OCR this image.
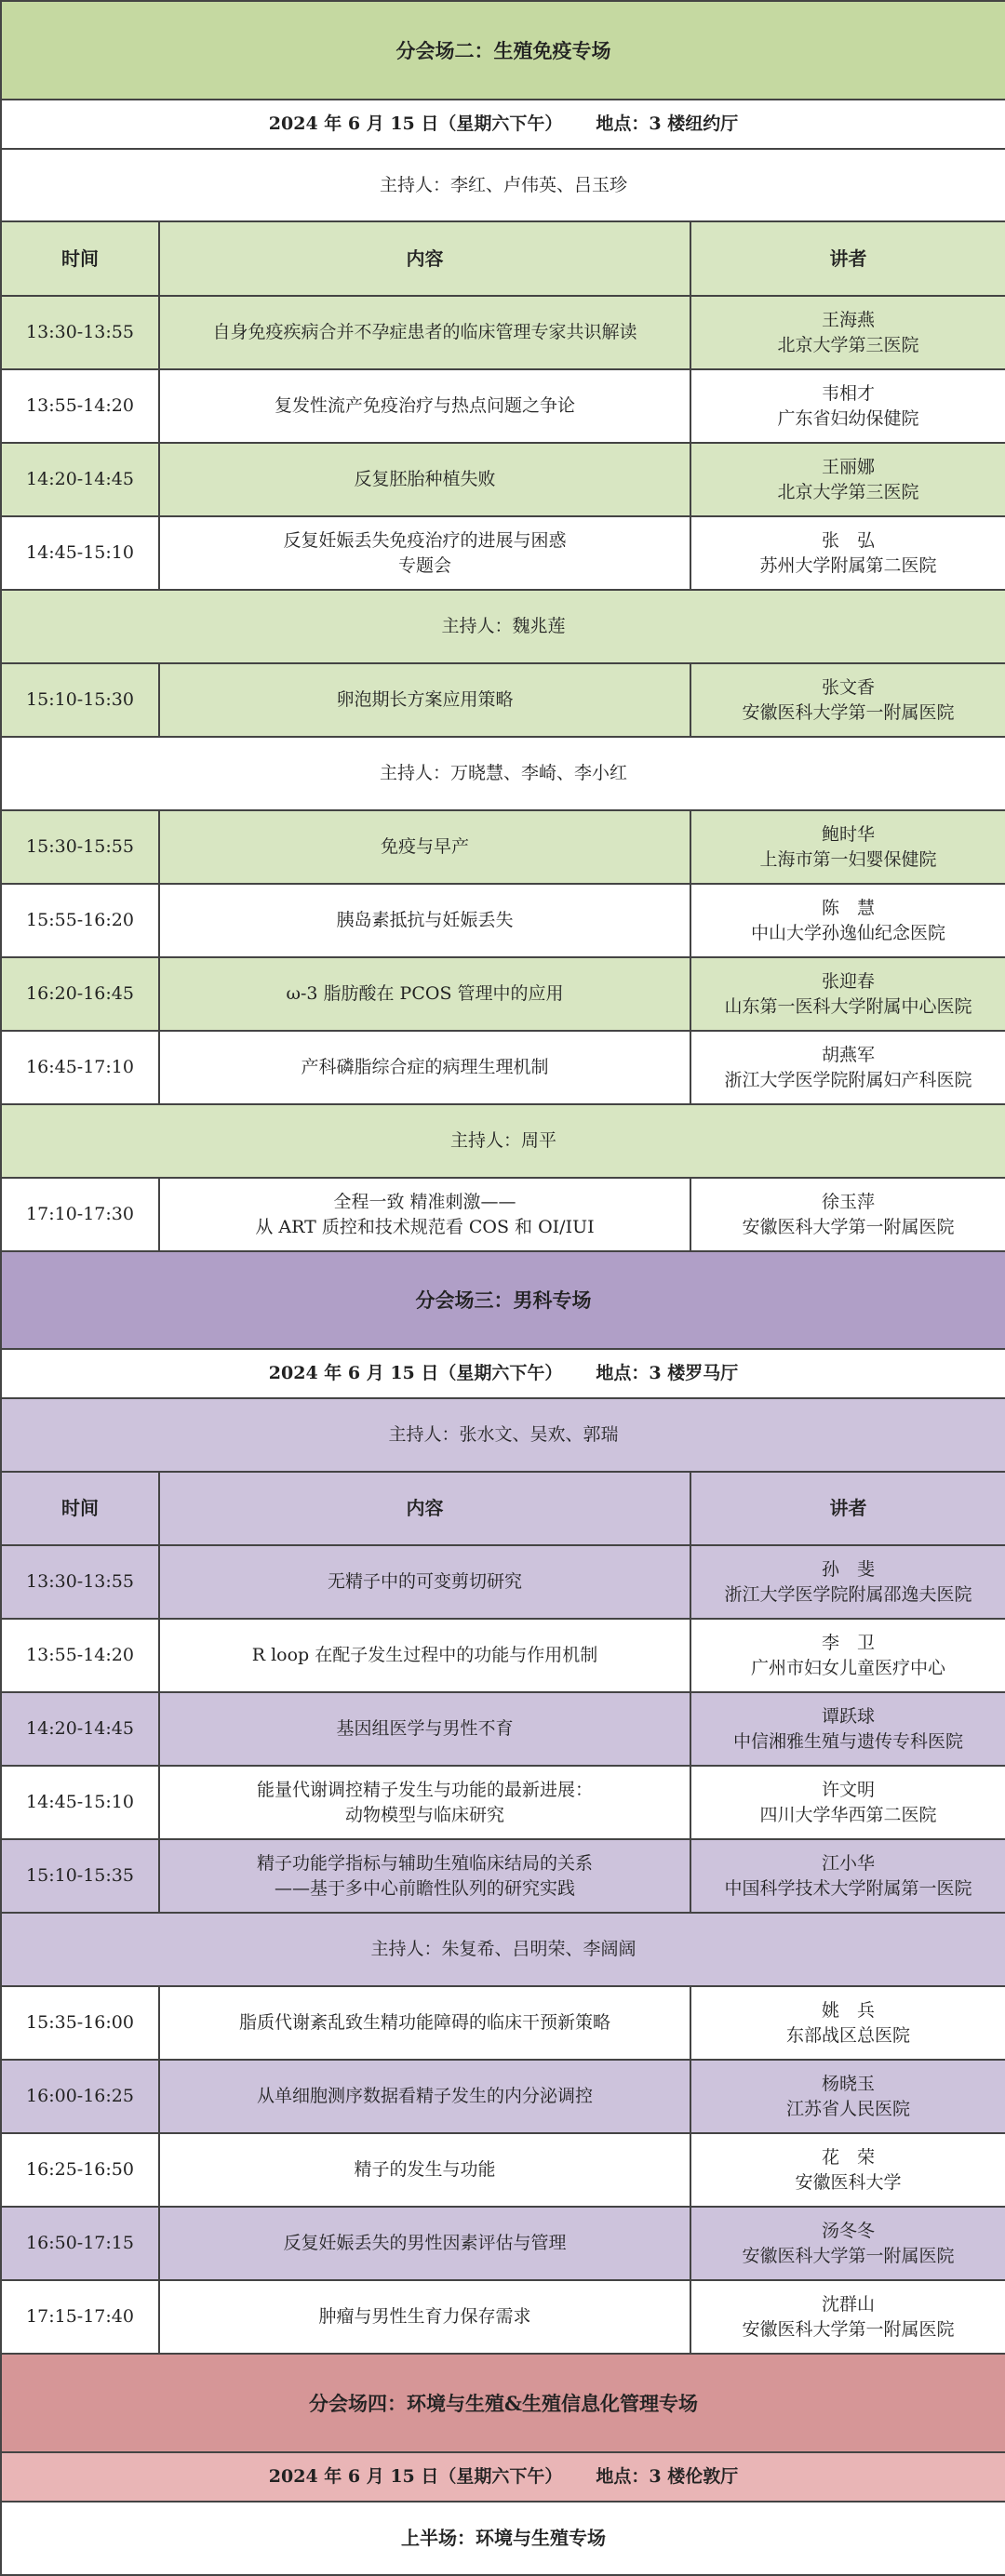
分会场二：生殖免疫专场		
2024 年 6 月 15 日（星期六下午） 地点：3 楼纽约厅		
主持人：李红、卢伟英、吕玉珍		
时间	内容	讲者
13:30-13:55	自身免疫疾病合并不孕症患者的临床管理专家共识解读	王海燕
北京大学第三医院

13:55-14:20	复发性流产免疫治疗与热点问题之争论	韦相才
广东省妇幼保健院

14:20-14:45	反复胚胎种植失败	王丽娜
北京大学第三医院

14:45-15:10	反复妊娠丢失免疫治疗的进展与困惑
专题会	张　弘
苏州大学附属第二医院

主持人：魏兆莲		
15:10-15:30	卵泡期长方案应用策略	张文香
安徽医科大学第一附属医院

主持人：万晓慧、李崎、李小红		
15:30-15:55	免疫与早产	鲍时华
上海市第一妇婴保健院

15:55-16:20	胰岛素抵抗与妊娠丢失	陈　慧
中山大学孙逸仙纪念医院

16:20-16:45	ω-3 脂肪酸在 PCOS 管理中的应用	张迎春
山东第一医科大学附属中心医院

16:45-17:10	产科磷脂综合症的病理生理机制	胡燕军
浙江大学医学院附属妇产科医院

主持人：周平		
17:10-17:30	全程一致 精准刺激——
从 ART 质控和技术规范看 COS 和 OI/IUI	徐玉萍
安徽医科大学第一附属医院

分会场三：男科专场		
2024 年 6 月 15 日（星期六下午） 地点：3 楼罗马厅		
主持人：张水文、吴欢、郭瑞		
时间	内容	讲者
13:30-13:55	无精子中的可变剪切研究	孙　斐
浙江大学医学院附属邵逸夫医院

13:55-14:20	R loop 在配子发生过程中的功能与作用机制	李　卫
广州市妇女儿童医疗中心

14:20-14:45	基因组医学与男性不育	谭跃球
中信湘雅生殖与遗传专科医院

14:45-15:10	能量代谢调控精子发生与功能的最新进展：
动物模型与临床研究	许文明
四川大学华西第二医院

15:10-15:35	精子功能学指标与辅助生殖临床结局的关系
——基于多中心前瞻性队列的研究实践	江小华
中国科学技术大学附属第一医院

主持人：朱复希、吕明荣、李阔阔		
15:35-16:00	脂质代谢紊乱致生精功能障碍的临床干预新策略	姚　兵
东部战区总医院

16:00-16:25	从单细胞测序数据看精子发生的内分泌调控	杨晓玉
江苏省人民医院

16:25-16:50	精子的发生与功能	花　荣
安徽医科大学

16:50-17:15	反复妊娠丢失的男性因素评估与管理	汤冬冬
安徽医科大学第一附属医院

17:15-17:40	肿瘤与男性生育力保存需求	沈群山
安徽医科大学第一附属医院

分会场四：环境与生殖&生殖信息化管理专场		
2024 年 6 月 15 日（星期六下午） 地点：3 楼伦敦厅		
上半场：环境与生殖专场		
